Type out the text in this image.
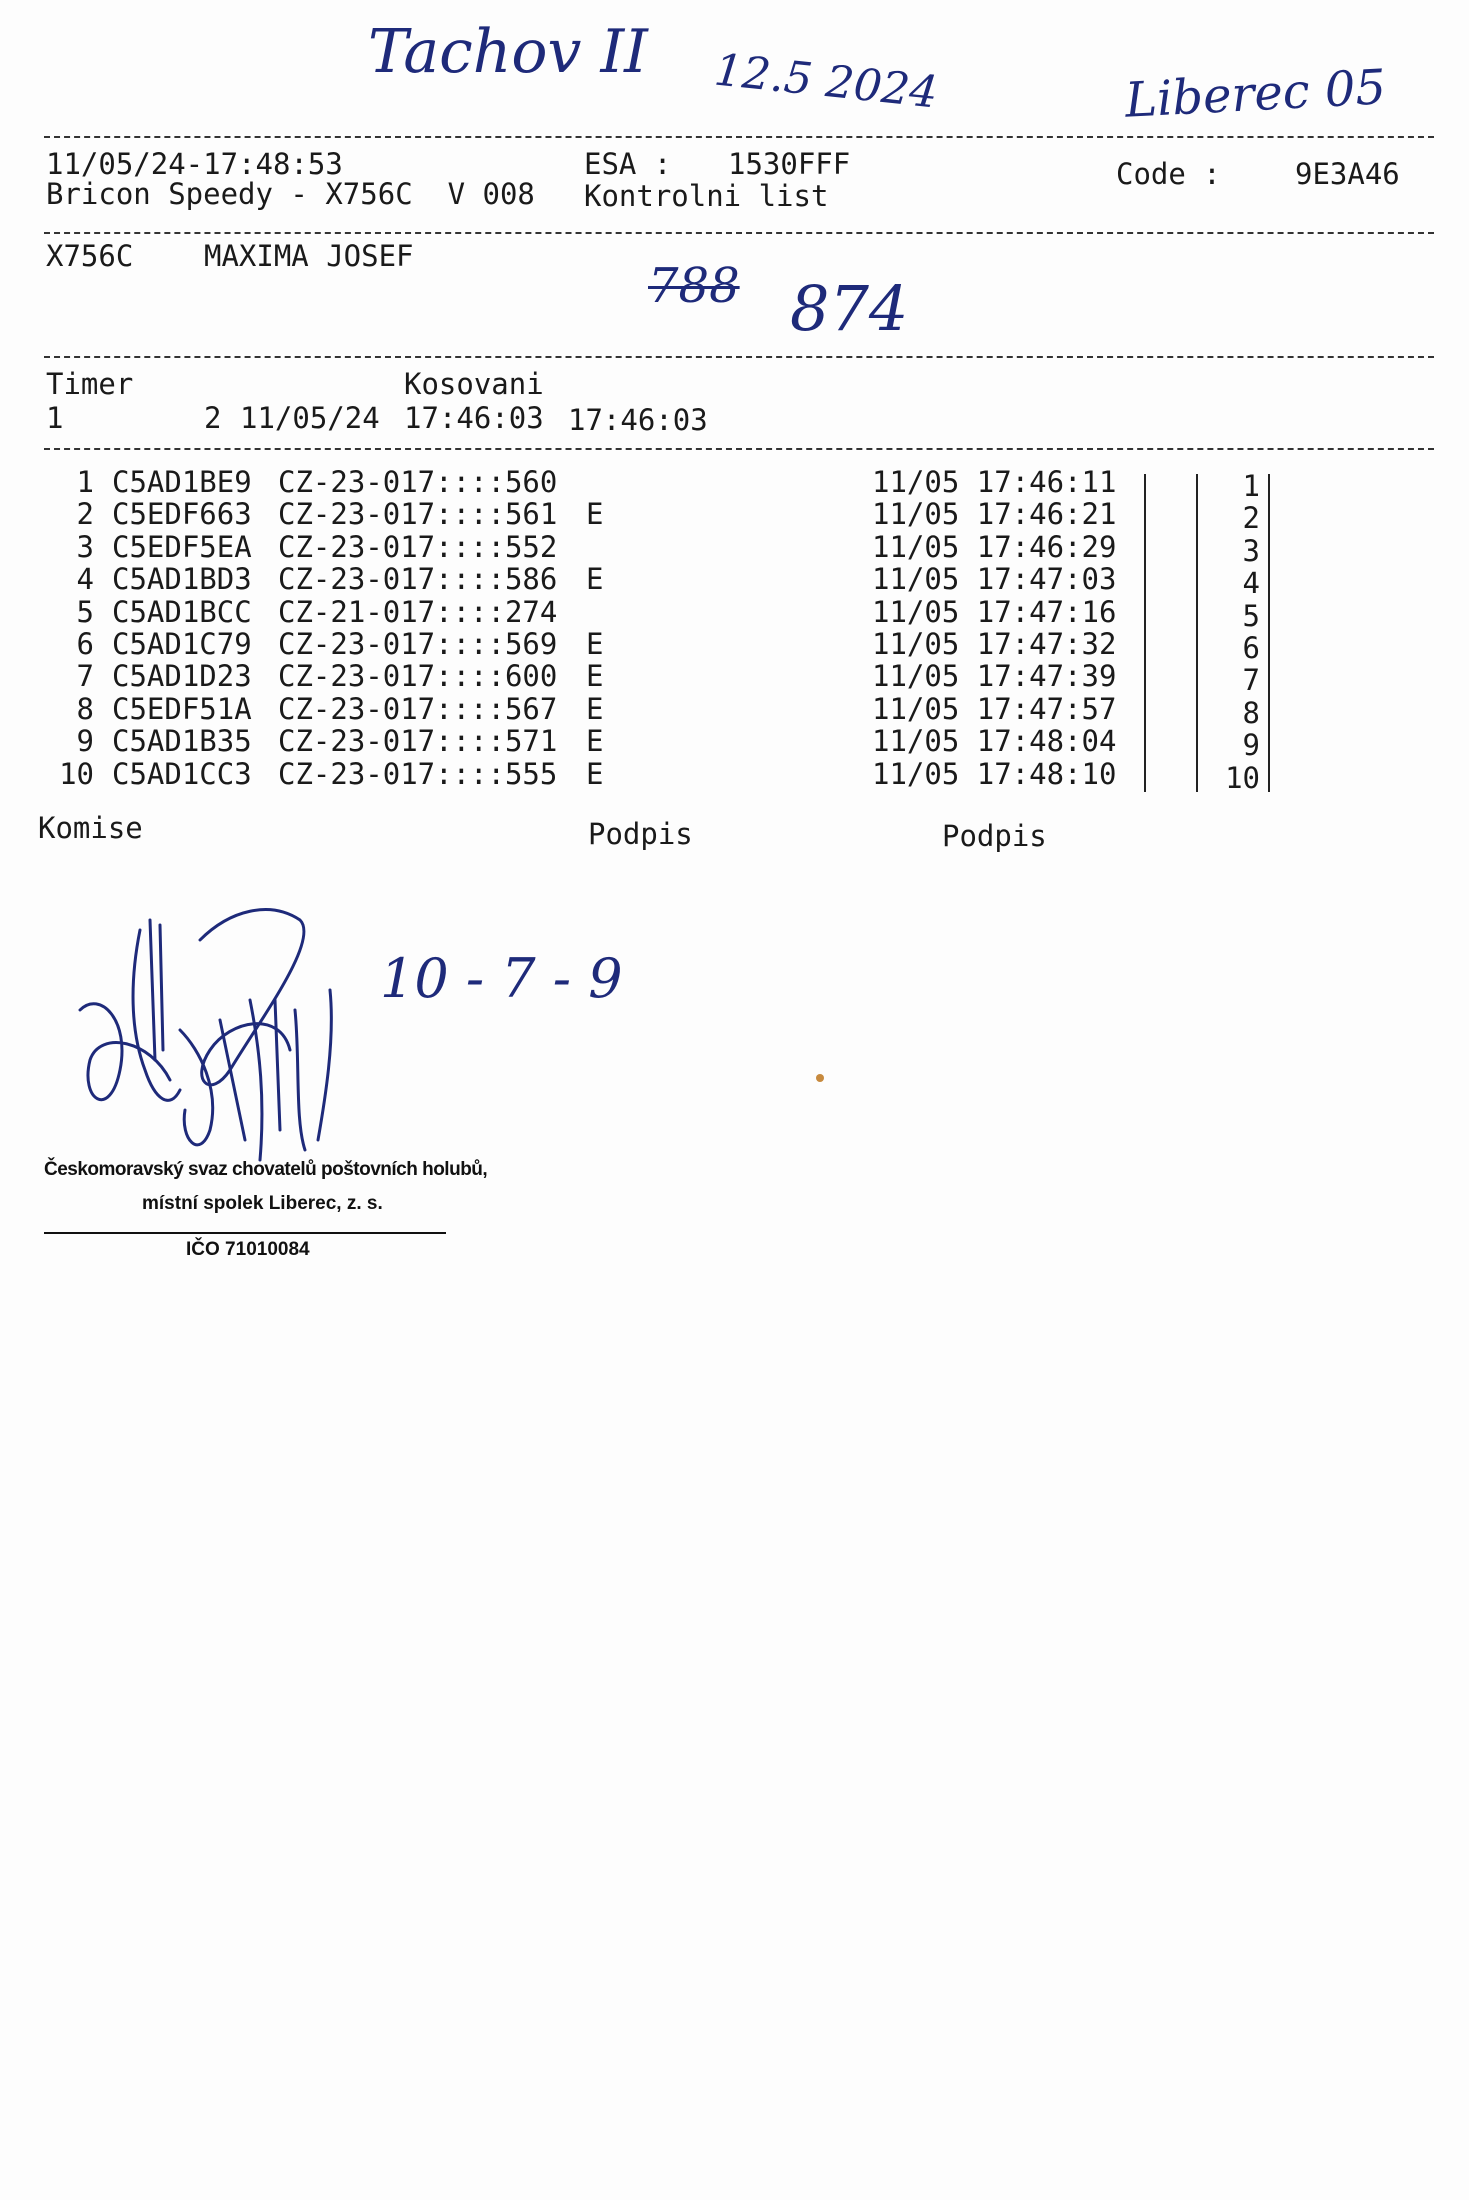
Tachov II 12.5 2024	Liberec 05
11/05/24-17:48:53
Bricon Speedy - X756C  V 008
ESA : 1530FFF
Kontrolni list
Code :	9E3A46
X756C MAXIMA JOSEF
788 874
Timer	Kosovani
1	2 11/05/24 17:46:03 17:46:03
1 C5AD1BE9 CZ-23-017::::560	11/05 17:46:11	1
2 C5EDF663 CZ-23-017::::561 E	11/05 17:46:21	2
3 C5EDF5EA CZ-23-017::::552	11/05 17:46:29	3
4 C5AD1BD3 CZ-23-017::::586 E	11/05 17:47:03	4
5 C5AD1BCC CZ-21-017::::274	11/05 17:47:16	5
6 C5AD1C79 CZ-23-017::::569 E	11/05 17:47:32	6
7 C5AD1D23 CZ-23-017::::600 E	11/05 17:47:39	7
8 C5EDF51A CZ-23-017::::567 E	11/05 17:47:57	8
9 C5AD1B35 CZ-23-017::::571 E	11/05 17:48:04	9
10 C5AD1CC3 CZ-23-017::::555 E	11/05 17:48:10	10
Komise	Podpis	Podpis
10 - 7 - 9
Českomoravský svaz chovatelů poštovních holubů,
místní spolek Liberec, z. s.
IČO 71010084
